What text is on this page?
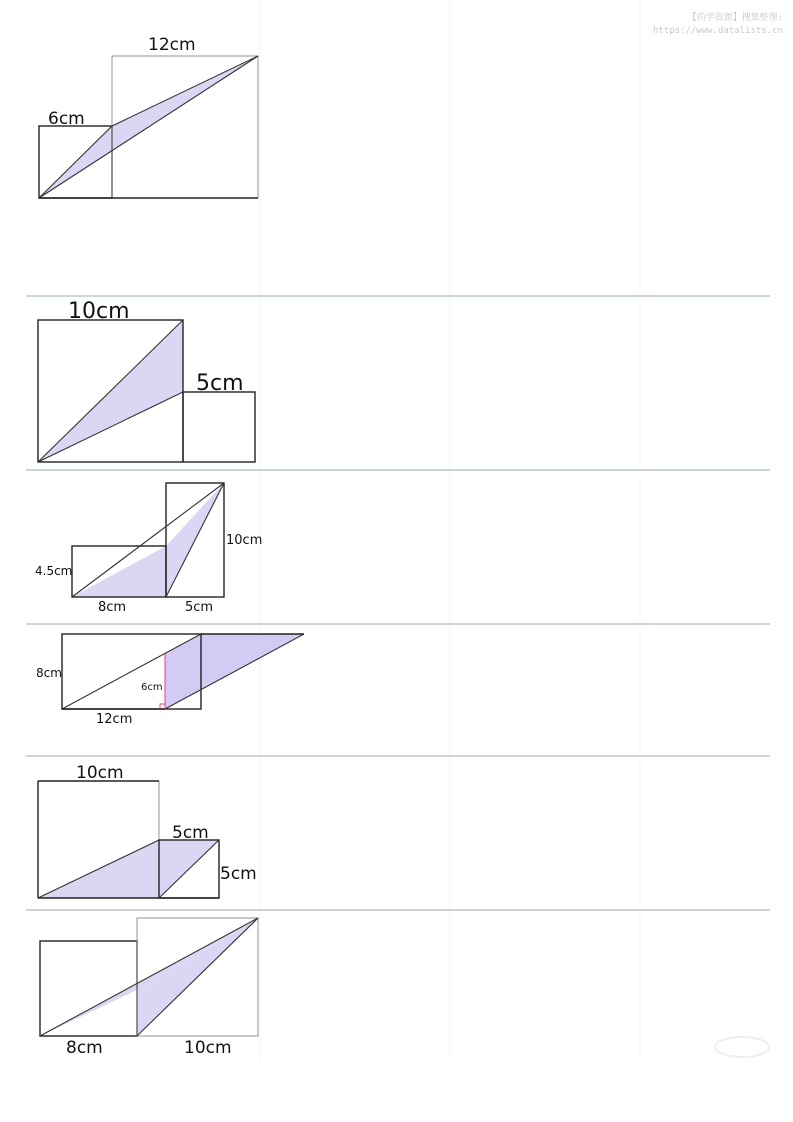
【尚学资源】搜集整理:
https://www.datalists.cn
12cm
6cm
10cm
5cm
10cm
4.5cm
8cm	5cm
8cm
6cm
12cm
10cm
5cm
5cm
8cm	10cm
